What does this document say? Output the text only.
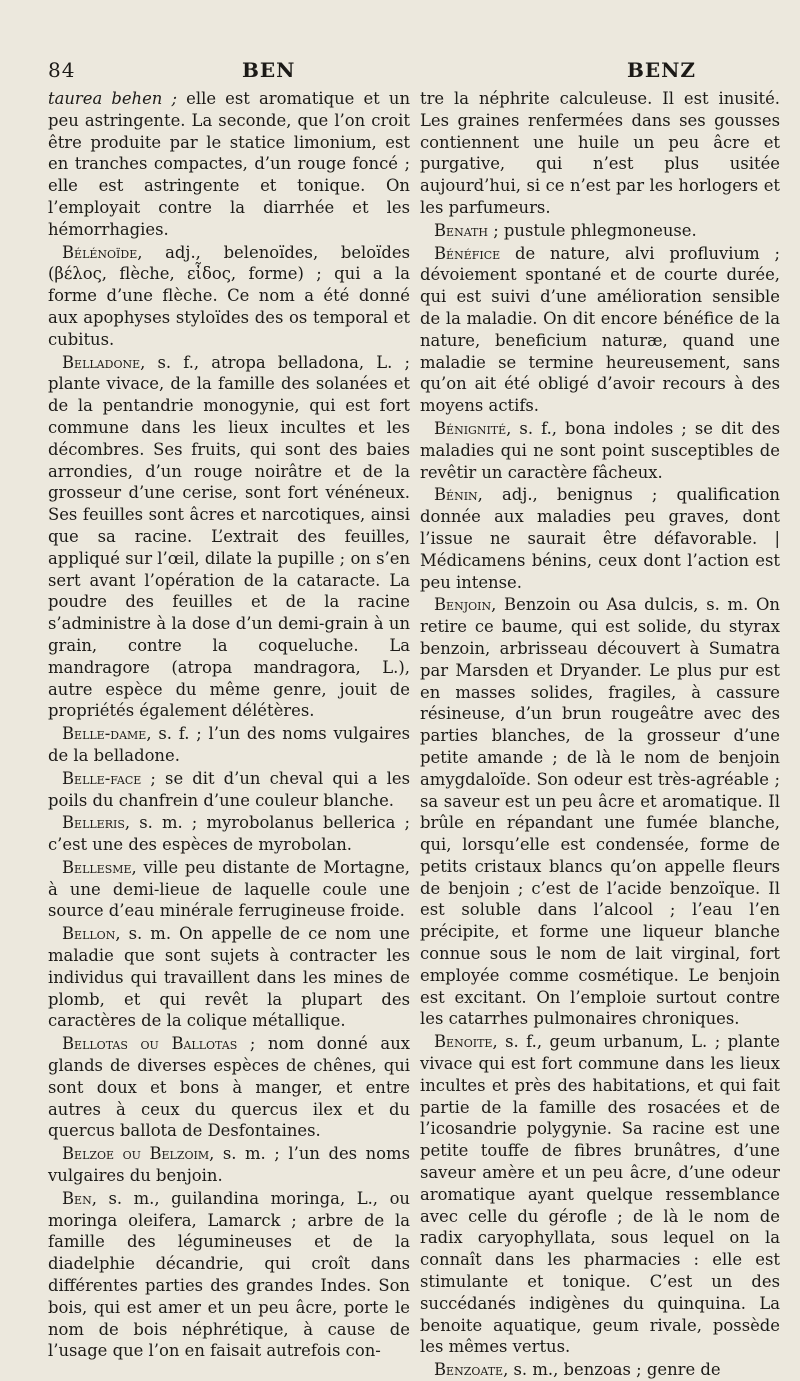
84	BEN	BENZ

taurea behen ; elle est aromatique et un peu astringente. La seconde, que l’on croit être produite par le statice limonium, est en tranches compactes, d’un rouge foncé ; elle est astringente et tonique. On l’employait contre la diarrhée et les hémorrhagies.

Bélénoïde, adj., belenoïdes, beloïdes (βέλος, flèche, εἶδος, forme) ; qui a la forme d’une flèche. Ce nom a été donné aux apophyses styloïdes des os temporal et cubitus.

Belladone, s. f., atropa belladona, L. ; plante vivace, de la famille des solanées et de la pentandrie monogynie, qui est fort commune dans les lieux incultes et les décombres. Ses fruits, qui sont des baies arrondies, d’un rouge noirâtre et de la grosseur d’une cerise, sont fort vénéneux. Ses feuilles sont âcres et narcotiques, ainsi que sa racine. L’extrait des feuilles, appliqué sur l’œil, dilate la pupille ; on s’en sert avant l’opération de la cataracte. La poudre des feuilles et de la racine s’administre à la dose d’un demi-grain à un grain, contre la coqueluche. La mandragore (atropa mandragora, L.), autre espèce du même genre, jouit de propriétés également délétères.

Belle-dame, s. f. ; l’un des noms vulgaires de la belladone.

Belle-face ; se dit d’un cheval qui a les poils du chanfrein d’une couleur blanche.

Belleris, s. m. ; myrobolanus bellerica ; c’est une des espèces de myrobolan.

Bellesme, ville peu distante de Mortagne, à une demi-lieue de laquelle coule une source d’eau minérale ferrugineuse froide.

Bellon, s. m. On appelle de ce nom une maladie que sont sujets à contracter les individus qui travaillent dans les mines de plomb, et qui revêt la plupart des caractères de la colique métallique.

Bellotas ou Ballotas ; nom donné aux glands de diverses espèces de chênes, qui sont doux et bons à manger, et entre autres à ceux du quercus ilex et du quercus ballota de Desfontaines.

Belzoe ou Belzoim, s. m. ; l’un des noms vulgaires du benjoin.

Ben, s. m., guilandina moringa, L., ou moringa oleifera, Lamarck ; arbre de la famille des légumineuses et de la diadelphie décandrie, qui croît dans différentes parties des grandes Indes. Son bois, qui est amer et un peu âcre, porte le nom de bois néphrétique, à cause de l’usage que l’on en faisait autrefois con-

tre la néphrite calculeuse. Il est inusité. Les graines renfermées dans ses gousses contiennent une huile un peu âcre et purgative, qui n’est plus usitée aujourd’hui, si ce n’est par les horlogers et les parfumeurs.

Benath ; pustule phlegmoneuse.

Bénéfice de nature, alvi profluvium ; dévoiement spontané et de courte durée, qui est suivi d’une amélioration sensible de la maladie. On dit encore bénéfice de la nature, beneficium naturæ, quand une maladie se termine heureusement, sans qu’on ait été obligé d’avoir recours à des moyens actifs.

Bénignité, s. f., bona indoles ; se dit des maladies qui ne sont point susceptibles de revêtir un caractère fâcheux.

Bénin, adj., benignus ; qualification donnée aux maladies peu graves, dont l’issue ne saurait être défavorable. | Médicamens bénins, ceux dont l’action est peu intense.

Benjoin, Benzoin ou Asa dulcis, s. m. On retire ce baume, qui est solide, du styrax benzoin, arbrisseau découvert à Sumatra par Marsden et Dryander. Le plus pur est en masses solides, fragiles, à cassure résineuse, d’un brun rougeâtre avec des parties blanches, de la grosseur d’une petite amande ; de là le nom de benjoin amygdaloïde. Son odeur est très-agréable ; sa saveur est un peu âcre et aromatique. Il brûle en répandant une fumée blanche, qui, lorsqu’elle est condensée, forme de petits cristaux blancs qu’on appelle fleurs de benjoin ; c’est de l’acide benzoïque. Il est soluble dans l’alcool ; l’eau l’en précipite, et forme une liqueur blanche connue sous le nom de lait virginal, fort employée comme cosmétique. Le benjoin est excitant. On l’emploie surtout contre les catarrhes pulmonaires chroniques.

Benoite, s. f., geum urbanum, L. ; plante vivace qui est fort commune dans les lieux incultes et près des habitations, et qui fait partie de la famille des rosacées et de l’icosandrie polygynie. Sa racine est une petite touffe de fibres brunâtres, d’une saveur amère et un peu âcre, d’une odeur aromatique ayant quelque ressemblance avec celle du gérofle ; de là le nom de radix caryophyllata, sous lequel on la connaît dans les pharmacies : elle est stimulante et tonique. C’est un des succédanés indigènes du quinquina. La benoite aquatique, geum rivale, possède les mêmes vertus.

Benzoate, s. m., benzoas ; genre de
